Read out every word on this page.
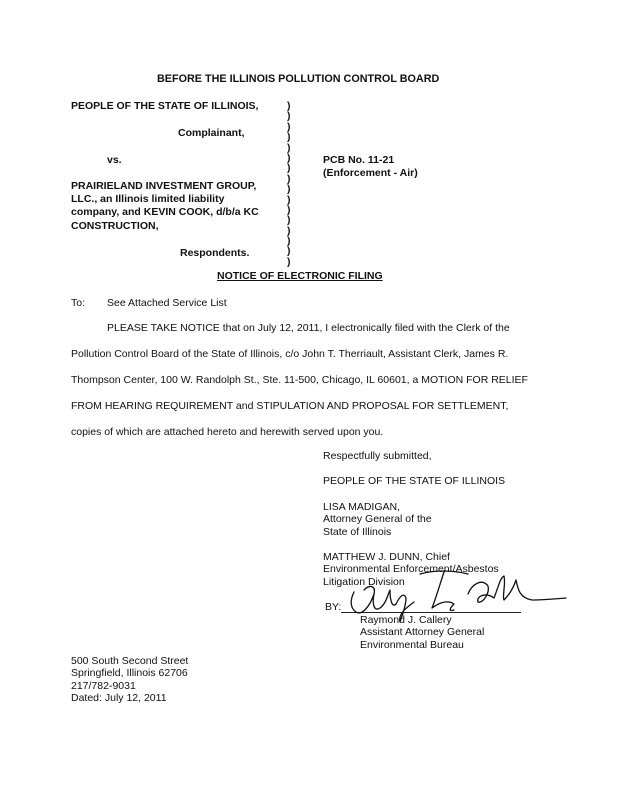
BEFORE THE ILLINOIS POLLUTION CONTROL BOARD
PEOPLE OF THE STATE OF ILLINOIS,
Complainant,
vs.
PRAIRIELAND INVESTMENT GROUP,
LLC., an Illinois limited liability
company, and KEVIN COOK, d/b/a KC
CONSTRUCTION,
Respondents.
)
)
)
)
)
)
)
)
)
)
)
)
)
)
)
)
PCB No. 11-21
(Enforcement - Air)
NOTICE OF ELECTRONIC FILING
To: See Attached Service List
PLEASE TAKE NOTICE that on July 12, 2011, I electronically filed with the Clerk of the
Pollution Control Board of the State of Illinois, c/o John T. Therriault, Assistant Clerk, James R.
Thompson Center, 100 W. Randolph St., Ste. 11-500, Chicago, IL 60601, a MOTION FOR RELIEF
FROM HEARING REQUIREMENT and STIPULATION AND PROPOSAL FOR SETTLEMENT,
copies of which are attached hereto and herewith served upon you.
Respectfully submitted,
PEOPLE OF THE STATE OF ILLINOIS
LISA MADIGAN,
Attorney General of the
State of Illinois
MATTHEW J. DUNN, Chief
Environmental Enforcement/Asbestos
Litigation Division
BY:
Raymond J. Callery
Assistant Attorney General
Environmental Bureau
500 South Second Street
Springfield, Illinois 62706
217/782-9031
Dated: July 12, 2011
